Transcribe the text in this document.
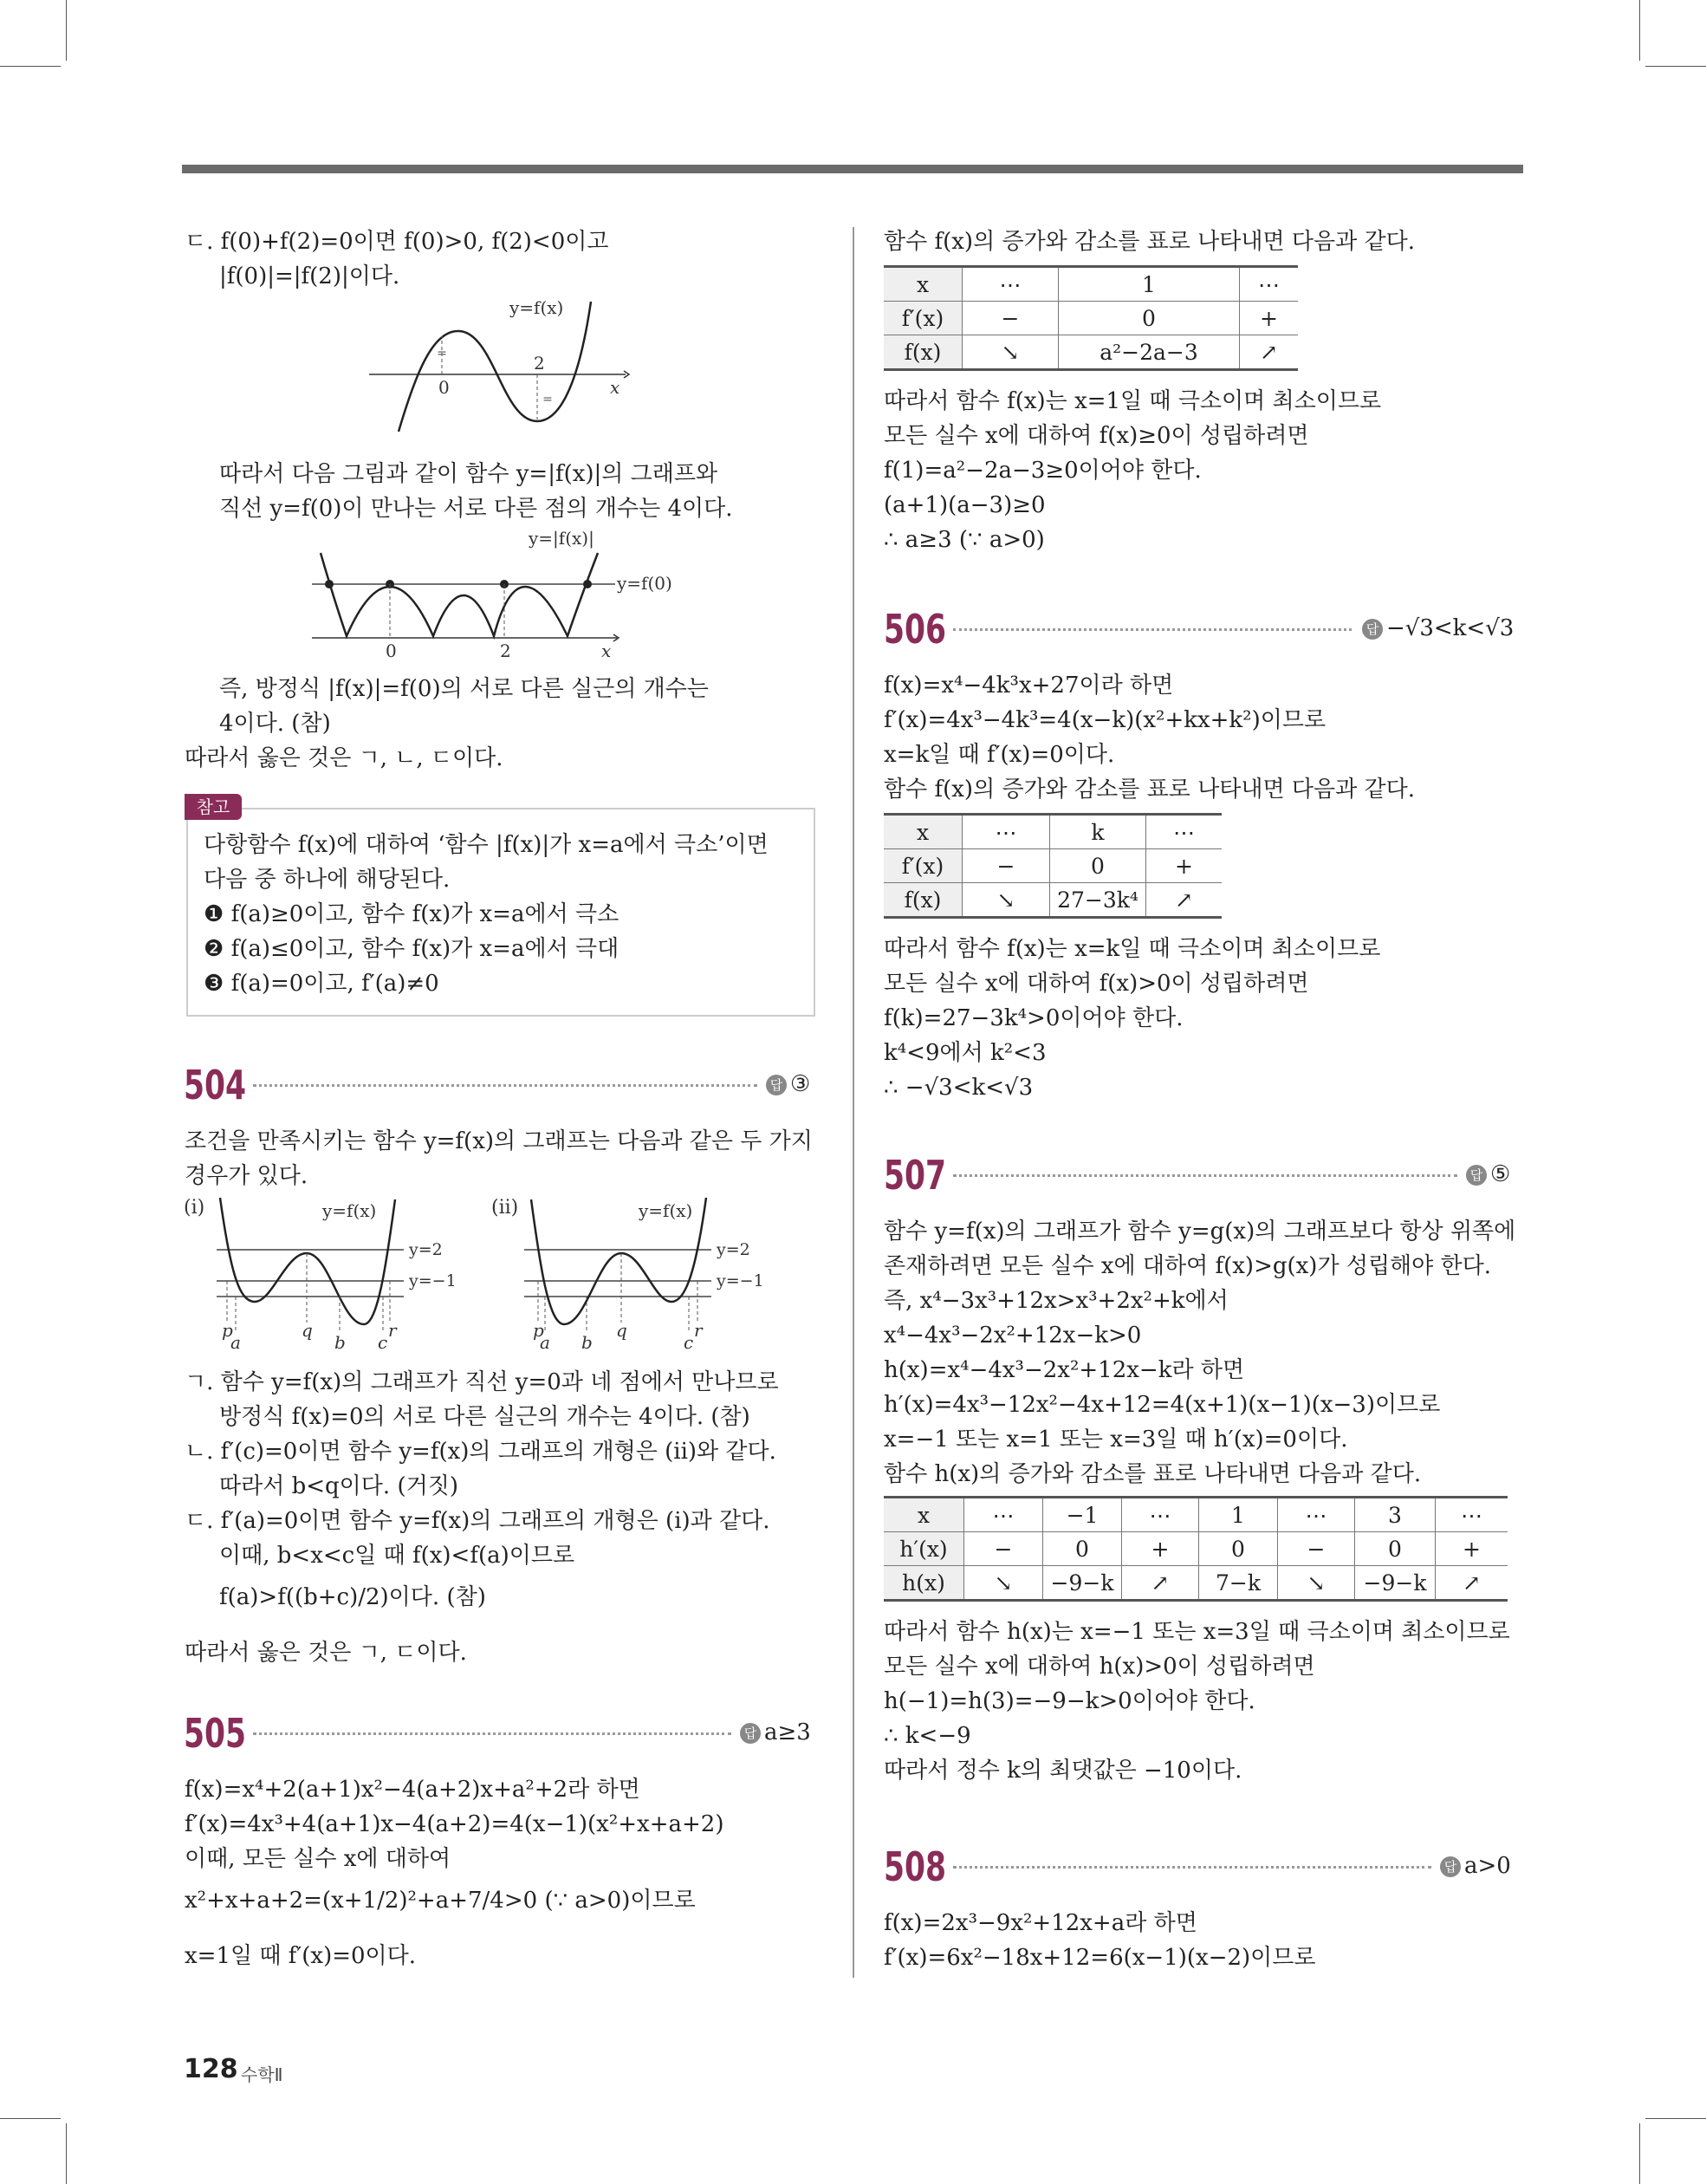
ㄷ. f(0)+f(2)=0이면 f(0)>0, f(2)<0이고
|f(0)|=|f(2)|이다.
=
=
y=f(x)
0
2
x
따라서 다음 그림과 같이 함수 y=|f(x)|의 그래프와
직선 y=f(0)이 만나는 서로 다른 점의 개수는 4이다.
y=|f(x)|
y=f(0)
0	2	x
즉, 방정식 |f(x)|=f(0)의 서로 다른 실근의 개수는
4이다. (참)
따라서 옳은 것은 ㄱ, ㄴ, ㄷ이다.
참고
다항함수 f(x)에 대하여 ‘함수 |f(x)|가 x=a에서 극소’이면
다음 중 하나에 해당된다.
❶ f(a)≥0이고, 함수 f(x)가 x=a에서 극소
❷ f(a)≤0이고, 함수 f(x)가 x=a에서 극대
❸ f(a)=0이고, f′(a)≠0
504	답 ③
조건을 만족시키는 함수 y=f(x)의 그래프는 다음과 같은 두 가지
경우가 있다.
(i)	y=f(x)
y=2
y=−1
p
a
q
b c
r
(ii)	y=f(x)
y=2
y=−1
p
a b
q
c
r
ㄱ. 함수 y=f(x)의 그래프가 직선 y=0과 네 점에서 만나므로
방정식 f(x)=0의 서로 다른 실근의 개수는 4이다. (참)
ㄴ. f′(c)=0이면 함수 y=f(x)의 그래프의 개형은 (ii)와 같다.
따라서 b<q이다. (거짓)
ㄷ. f′(a)=0이면 함수 y=f(x)의 그래프의 개형은 (i)과 같다.
이때, b<x<c일 때 f(x)<f(a)이므로
f(a)>f((b+c)/2)이다. (참)
따라서 옳은 것은 ㄱ, ㄷ이다.
505	답 a≥3
f(x)=x⁴+2(a+1)x²−4(a+2)x+a²+2라 하면
f′(x)=4x³+4(a+1)x−4(a+2)=4(x−1)(x²+x+a+2)
이때, 모든 실수 x에 대하여
x²+x+a+2=(x+1/2)²+a+7/4>0 (∵ a>0)이므로
x=1일 때 f′(x)=0이다.
함수 f(x)의 증가와 감소를 표로 나타내면 다음과 같다.
x	⋯	1	⋯
f′(x)	−	0	+
f(x)	↘	a²−2a−3	↗
따라서 함수 f(x)는 x=1일 때 극소이며 최소이므로
모든 실수 x에 대하여 f(x)≥0이 성립하려면
f(1)=a²−2a−3≥0이어야 한다.
(a+1)(a−3)≥0
∴ a≥3 (∵ a>0)
506	답 −√3<k<√3
f(x)=x⁴−4k³x+27이라 하면
f′(x)=4x³−4k³=4(x−k)(x²+kx+k²)이므로
x=k일 때 f′(x)=0이다.
함수 f(x)의 증가와 감소를 표로 나타내면 다음과 같다.
x	⋯	k	⋯
f′(x)	−	0	+
f(x)	↘	27−3k⁴	↗
따라서 함수 f(x)는 x=k일 때 극소이며 최소이므로
모든 실수 x에 대하여 f(x)>0이 성립하려면
f(k)=27−3k⁴>0이어야 한다.
k⁴<9에서 k²<3
∴ −√3<k<√3
507	답 ⑤
함수 y=f(x)의 그래프가 함수 y=g(x)의 그래프보다 항상 위쪽에
존재하려면 모든 실수 x에 대하여 f(x)>g(x)가 성립해야 한다.
즉, x⁴−3x³+12x>x³+2x²+k에서
x⁴−4x³−2x²+12x−k>0
h(x)=x⁴−4x³−2x²+12x−k라 하면
h′(x)=4x³−12x²−4x+12=4(x+1)(x−1)(x−3)이므로
x=−1 또는 x=1 또는 x=3일 때 h′(x)=0이다.
함수 h(x)의 증가와 감소를 표로 나타내면 다음과 같다.
x	⋯	−1	⋯	1	⋯	3	⋯
h′(x)	−	0	+	0	−	0	+
h(x)	↘	−9−k	↗	7−k	↘	−9−k	↗
따라서 함수 h(x)는 x=−1 또는 x=3일 때 극소이며 최소이므로
모든 실수 x에 대하여 h(x)>0이 성립하려면
h(−1)=h(3)=−9−k>0이어야 한다.
∴ k<−9
따라서 정수 k의 최댓값은 −10이다.
508	답 a>0
f(x)=2x³−9x²+12x+a라 하면
f′(x)=6x²−18x+12=6(x−1)(x−2)이므로
128 수학Ⅱ
